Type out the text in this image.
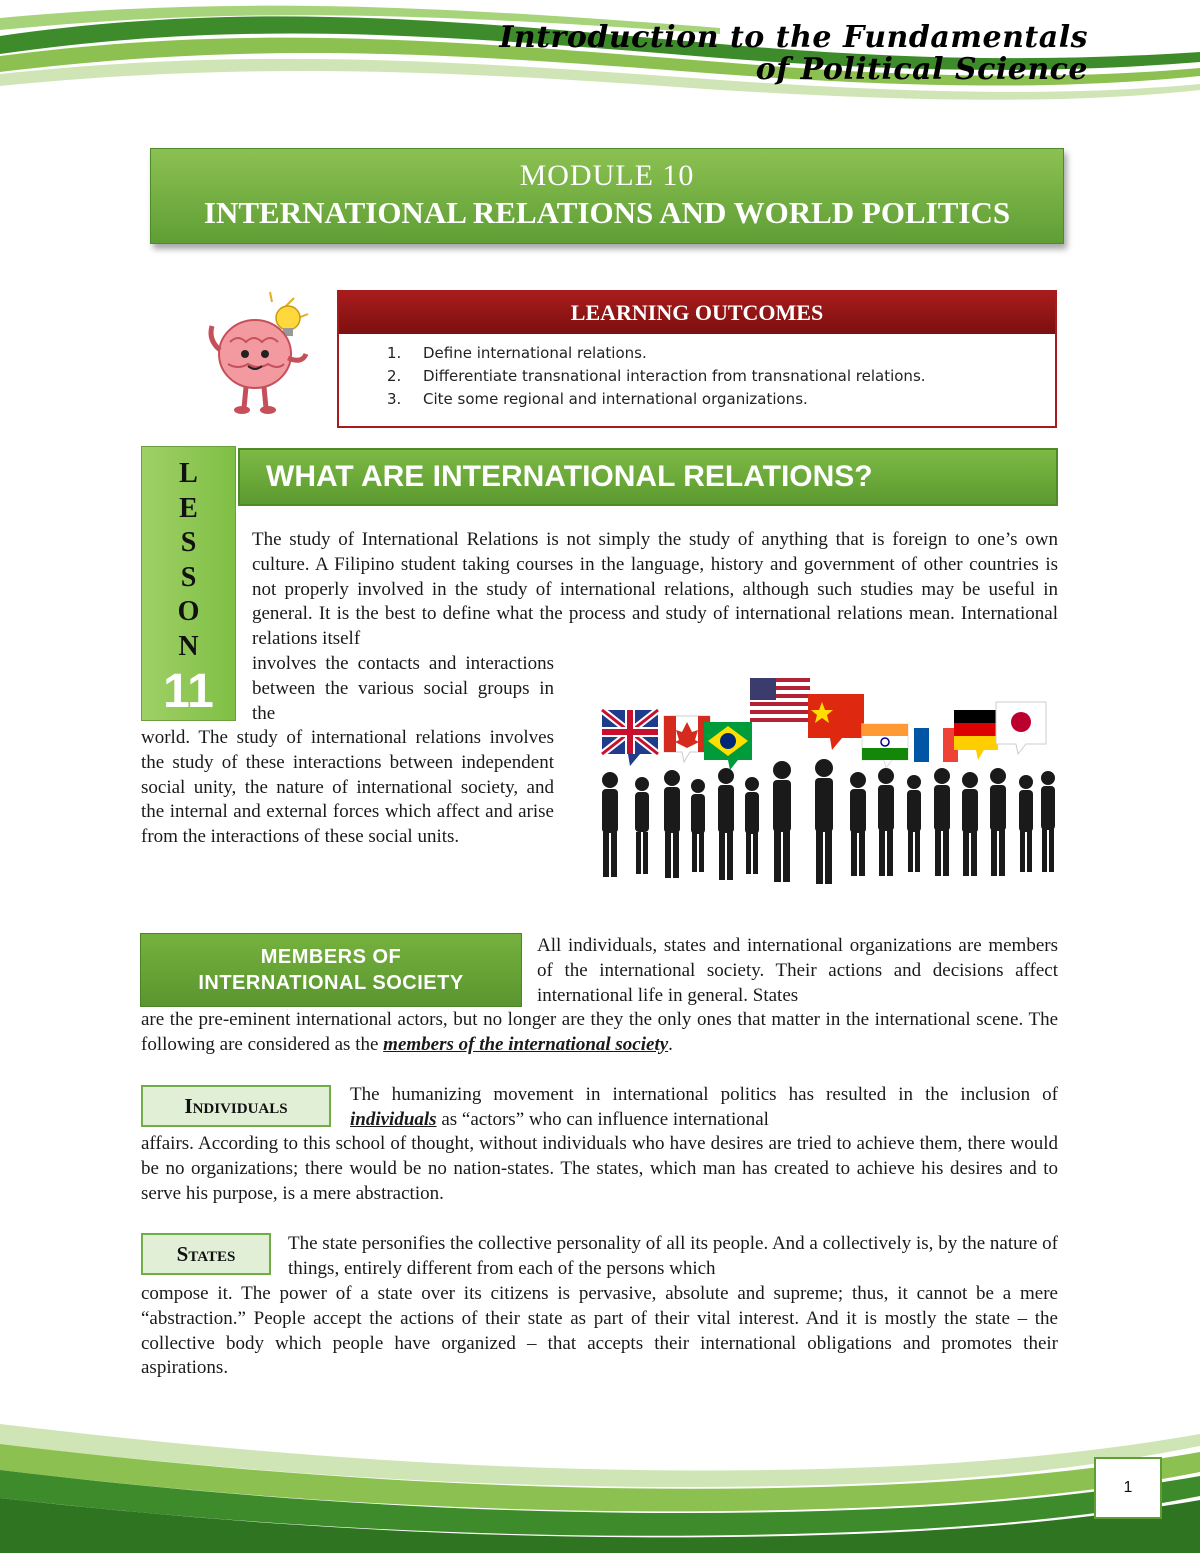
Introduction to the Fundamentals
of Political Science
MODULE 10
INTERNATIONAL RELATIONS AND WORLD POLITICS
LEARNING OUTCOMES
1. Define international relations.
2. Differentiate transnational interaction from transnational relations.
3. Cite some regional and international organizations.
L
E
S
S
O
N
11
WHAT ARE INTERNATIONAL RELATIONS?
The study of International Relations is not simply the study of anything that is foreign to one’s own culture. A Filipino student taking courses in the language, history and government of other countries is not properly involved in the study of international relations, although such studies may be useful in general. It is the best to define what the process and study of international relations mean. International relations itself
involves the contacts and interactions between the various social groups in the
world. The study of international relations involves the study of these interactions between independent social unity, the nature of international society, and the internal and external forces which affect and arise from the interactions of these social units.
MEMBERS OF
INTERNATIONAL SOCIETY
All individuals, states and international organizations are members of the international society. Their actions and decisions affect international life in general. States
are the pre-eminent international actors, but no longer are they the only ones that matter in the international scene. The following are considered as the members of the international society.
Individuals	The humanizing movement in international politics has resulted in the inclusion of individuals as “actors” who can influence international
affairs. According to this school of thought, without individuals who have desires are tried to achieve them, there would be no organizations; there would be no nation-states. The states, which man has created to achieve his desires and to serve his purpose, is a mere abstraction.
States	The state personifies the collective personality of all its people. And a collectively is, by the nature of things, entirely different from each of the persons which
compose it. The power of a state over its citizens is pervasive, absolute and supreme; thus, it cannot be a mere “abstraction.” People accept the actions of their state as part of their vital interest. And it is mostly the state – the collective body which people have organized – that accepts their international obligations and promotes their aspirations.
1
